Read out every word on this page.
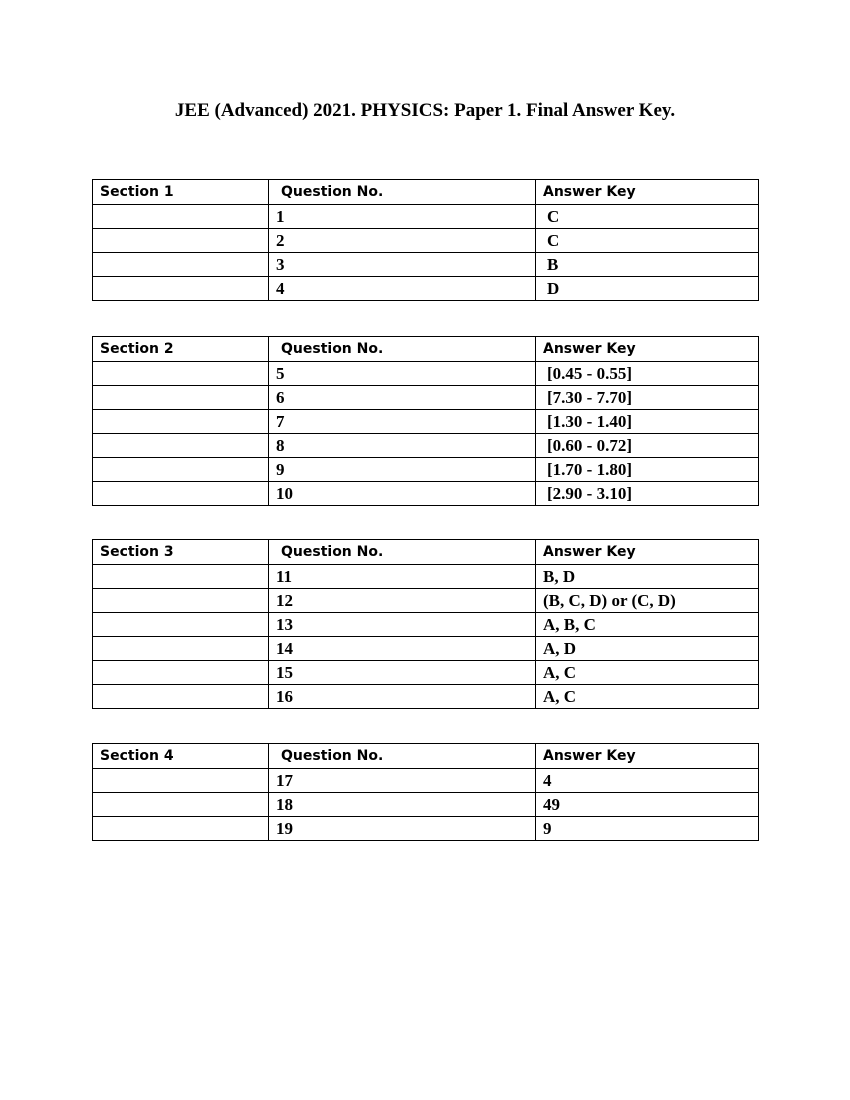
JEE (Advanced) 2021. PHYSICS: Paper 1. Final Answer Key.
Section 1	Question No.	Answer Key
	1	C
	2	C
	3	B
	4	D
Section 2	Question No.	Answer Key
	5	[0.45 - 0.55]
	6	[7.30 - 7.70]
	7	[1.30 - 1.40]
	8	[0.60 - 0.72]
	9	[1.70 - 1.80]
	10	[2.90 - 3.10]
Section 3	Question No.	Answer Key
	11	B, D
	12	(B, C, D) or (C, D)
	13	A, B, C
	14	A, D
	15	A, C
	16	A, C
Section 4	Question No.	Answer Key
	17	4
	18	49
	19	9
